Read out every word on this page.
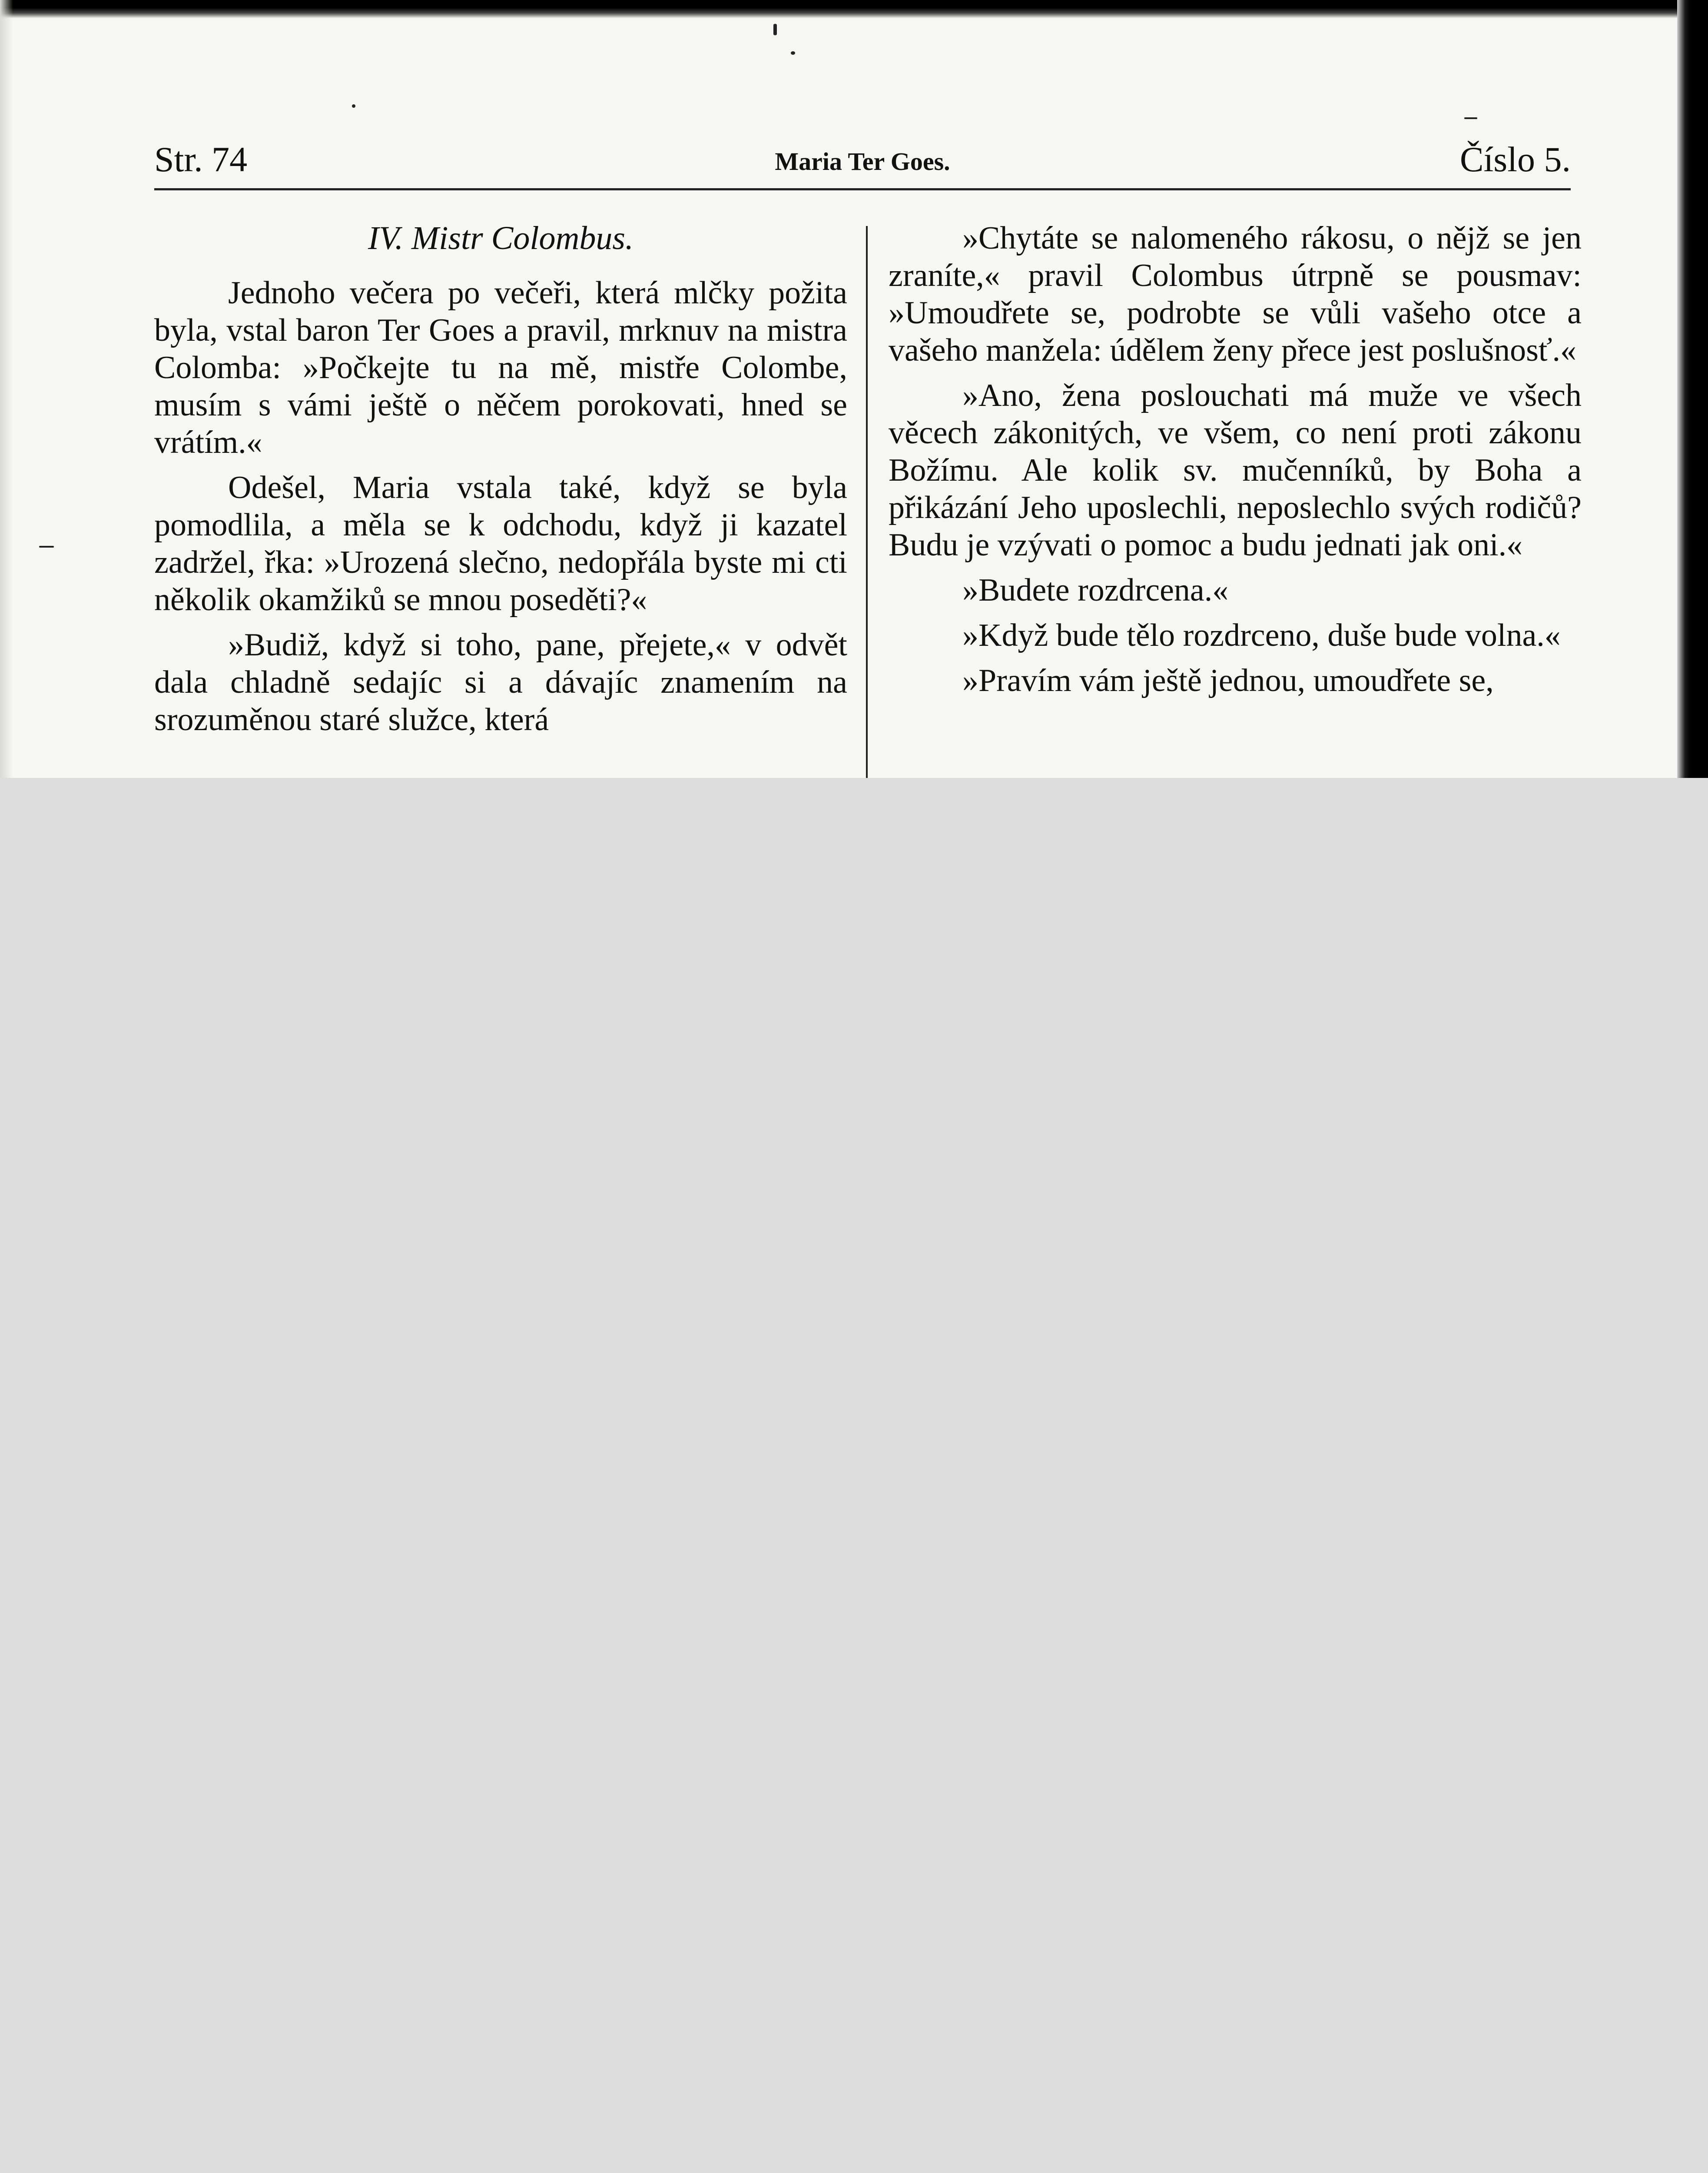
Str. 74	Maria Ter Goes.	Číslo 5.
IV. Mistr Colombus.

Jednoho večera po večeři, která mlčky požita byla, vstal baron Ter Goes a pravil, mrknuv na mistra Colomba: »Počkejte tu na mě, mistře Colombe, musím s vámi ještě o něčem porokovati, hned se vrátím.«

Odešel, Maria vstala také, když se byla pomodlila, a měla se k odchodu, když ji kazatel zadržel, řka: »Urozená slečno, nedopřála byste mi cti několik okamžiků se mnou poseděti?«

»Budiž, když si toho, pane, přejete,« v odvět dala chladně sedajíc si a dávajíc znamením na srozuměnou staré služce, která

»Chytáte se nalomeného rákosu, o nějž se jen zraníte,« pravil Colombus útrpně se pousmav: »Umoudřete se, podrobte se vůli vašeho otce a vašeho manžela: údělem ženy přece jest poslušnosť.«

»Ano, žena poslouchati má muže ve všech věcech zákonitých, ve všem, co není proti zákonu Božímu. Ale kolik sv. mučenníků, by Boha a přikázání Jeho uposlechli, neposlechlo svých rodičů? Budu je vzývati o pomoc a budu jednati jak oni.«

»Budete rozdrcena.«

»Když bude tělo rozdrceno, duše bude volna.«

»Pravím vám ještě jednou, umoudřete se,
